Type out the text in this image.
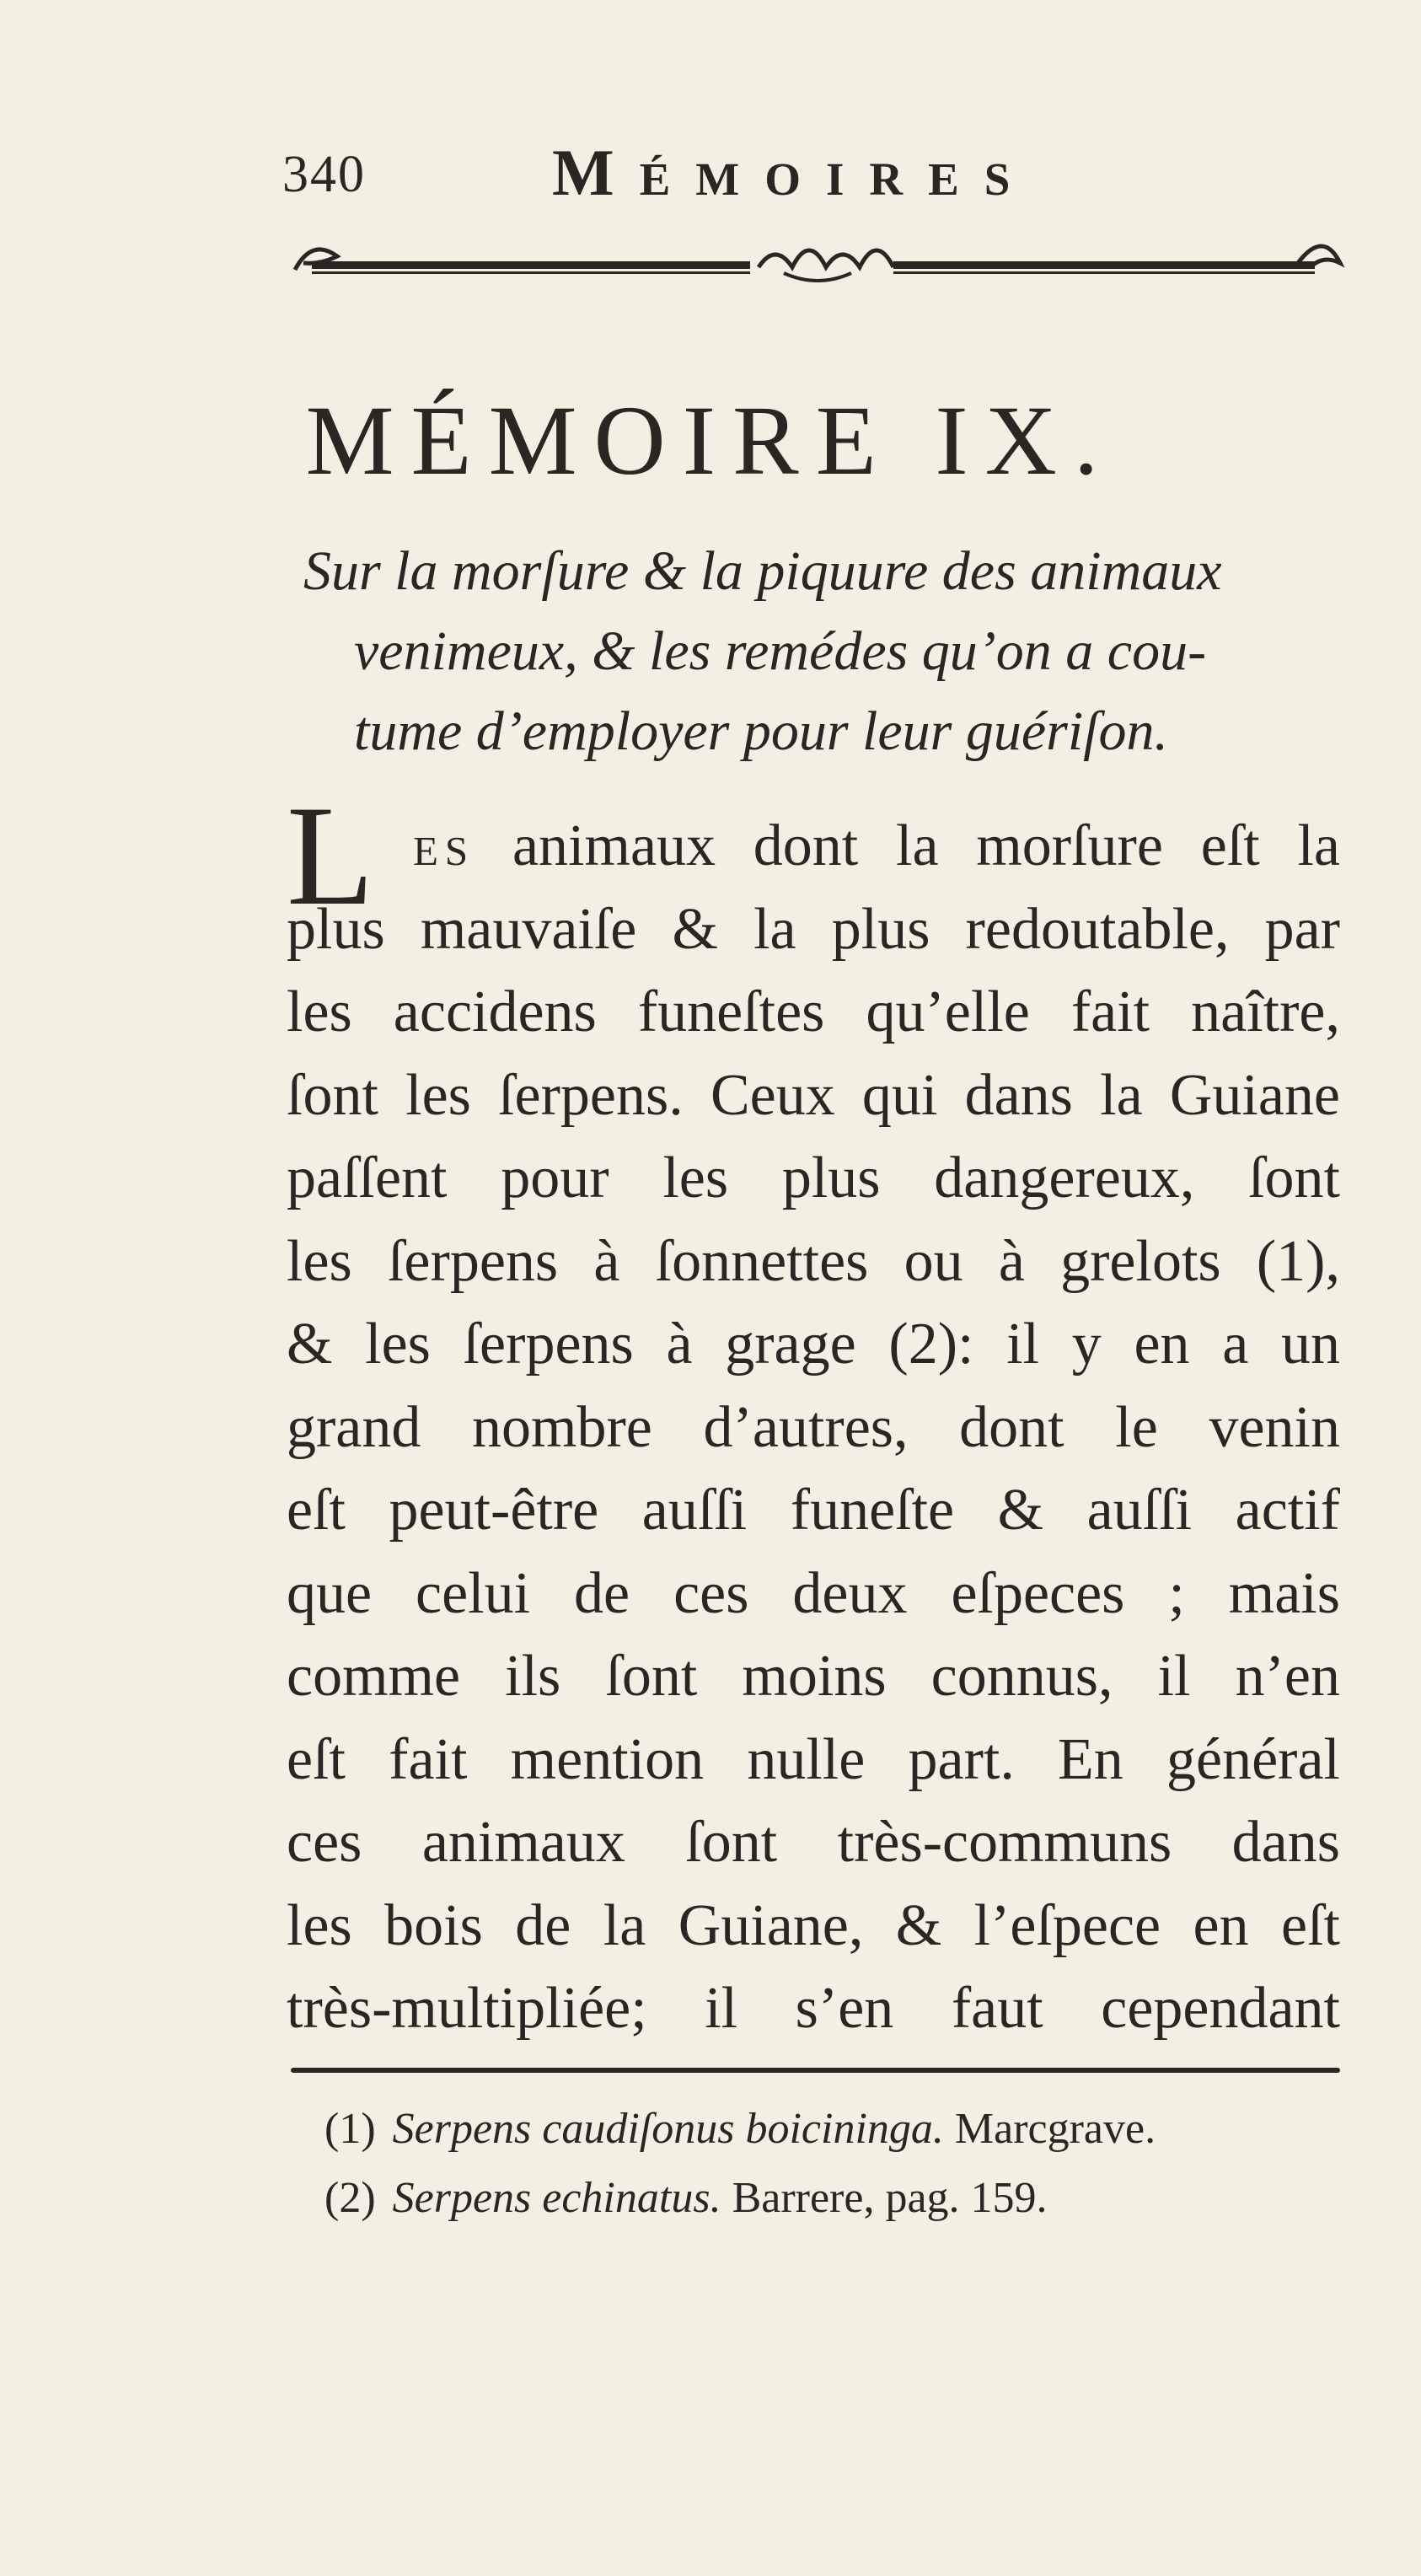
340	Mémoires
MÉMOIRE IX.
Sur la morſure & la piquure des animaux
venimeux, & les remédes qu’on a cou-
tume d’employer pour leur guériſon.
L es animaux dont la morſure eſt la
plus mauvaiſe & la plus redoutable, par
les accidens funeſtes qu’elle fait naître,
ſont les ſerpens. Ceux qui dans la Guiane
paſſent pour les plus dangereux, ſont
les ſerpens à ſonnettes ou à grelots (1),
& les ſerpens à grage (2): il y en a un
grand nombre d’autres, dont le venin
eſt peut-être auſſi funeſte & auſſi actif
que celui de ces deux eſpeces ; mais
comme ils ſont moins connus, il n’en
eſt fait mention nulle part. En général
ces animaux ſont très-communs dans
les bois de la Guiane, & l’eſpece en eſt
très-multipliée; il s’en faut cependant
(1) Serpens caudiſonus boicininga. Marcgrave.
(2) Serpens echinatus. Barrere, pag. 159.
